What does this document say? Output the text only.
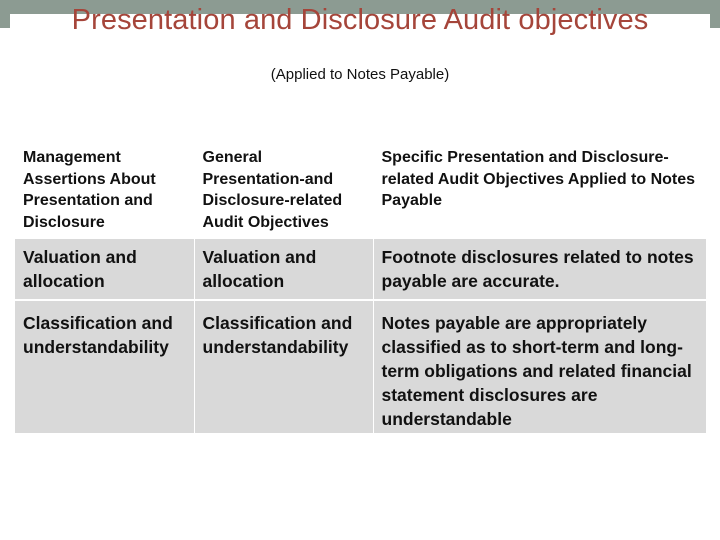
Presentation and Disclosure Audit objectives
(Applied to Notes Payable)
Management Assertions About Presentation and Disclosure	General Presentation-and Disclosure-related Audit Objectives	Specific Presentation and Disclosure-related Audit Objectives Applied to Notes Payable
Valuation and allocation	Valuation and allocation	Footnote disclosures related to notes payable are accurate.
Classification and understandability	Classification and understandability	Notes payable are appropriately classified as to short-term and long-term obligations and related financial statement disclosures are understandable
